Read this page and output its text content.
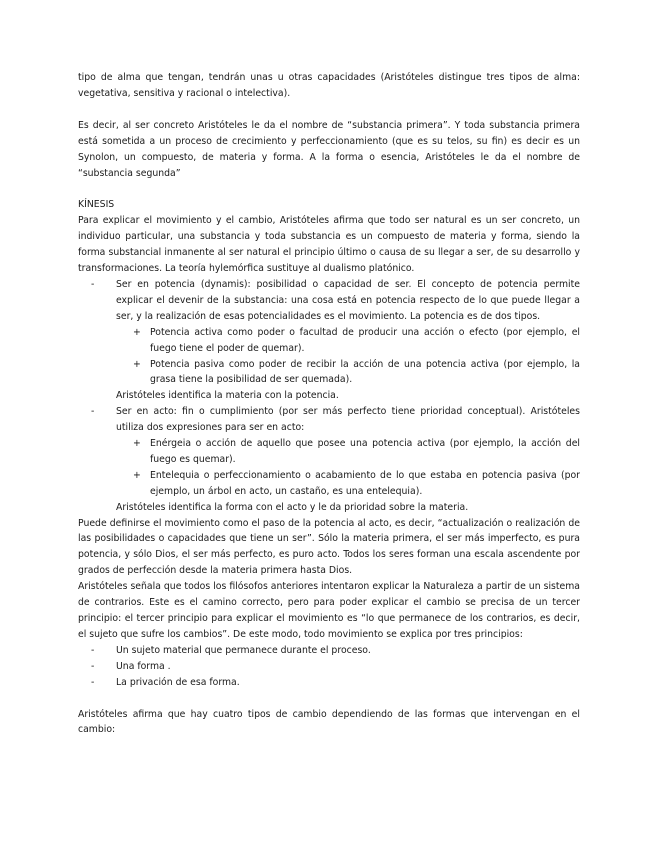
tipo de alma que tengan, tendrán unas u otras capacidades (Aristóteles distingue tres tipos de alma: vegetativa, sensitiva y racional o intelectiva).

Es decir, al ser concreto Aristóteles le da el nombre de “substancia primera”. Y toda substancia primera está sometida a un proceso de crecimiento y perfeccionamiento (que es su telos, su fin) es decir es un Synolon, un compuesto, de materia y forma. A la forma o esencia, Aristóteles le da el nombre de “substancia segunda”

KÍNESIS

Para explicar el movimiento y el cambio, Aristóteles afirma que todo ser natural es un ser concreto, un individuo particular, una substancia y toda substancia es un compuesto de materia y forma, siendo la forma substancial inmanente al ser natural el principio último o causa de su llegar a ser, de su desarrollo y transformaciones. La teoría hylemórfica sustituye al dualismo platónico.

- Ser en potencia (dynamis): posibilidad o capacidad de ser. El concepto de potencia permite explicar el devenir de la substancia: una cosa está en potencia respecto de lo que puede llegar a ser, y la realización de esas potencialidades es el movimiento. La potencia es de dos tipos.
+ Potencia activa como poder o facultad de producir una acción o efecto (por ejemplo, el fuego tiene el poder de quemar).
+ Potencia pasiva como poder de recibir la acción de una potencia activa (por ejemplo, la grasa tiene la posibilidad de ser quemada).
Aristóteles identifica la materia con la potencia.
- Ser en acto: fin o cumplimiento (por ser más perfecto tiene prioridad conceptual). Aristóteles utiliza dos expresiones para ser en acto:
+ Enérgeia o acción de aquello que posee una potencia activa (por ejemplo, la acción del fuego es quemar).
+ Entelequia o perfeccionamiento o acabamiento de lo que estaba en potencia pasiva (por ejemplo, un árbol en acto, un castaño, es una entelequia).
Aristóteles identifica la forma con el acto y le da prioridad sobre la materia.

Puede definirse el movimiento como el paso de la potencia al acto, es decir, “actualización o realización de las posibilidades o capacidades que tiene un ser”. Sólo la materia primera, el ser más imperfecto, es pura potencia, y sólo Dios, el ser más perfecto, es puro acto. Todos los seres forman una escala ascendente por grados de perfección desde la materia primera hasta Dios.

Aristóteles señala que todos los filósofos anteriores intentaron explicar la Naturaleza a partir de un sistema de contrarios. Este es el camino correcto, pero para poder explicar el cambio se precisa de un tercer principio: el tercer principio para explicar el movimiento es “lo que permanece de los contrarios, es decir, el sujeto que sufre los cambios”. De este modo, todo movimiento se explica por tres principios:

- Un sujeto material que permanece durante el proceso.
- Una forma .
- La privación de esa forma.

Aristóteles afirma que hay cuatro tipos de cambio dependiendo de las formas que intervengan en el cambio:
